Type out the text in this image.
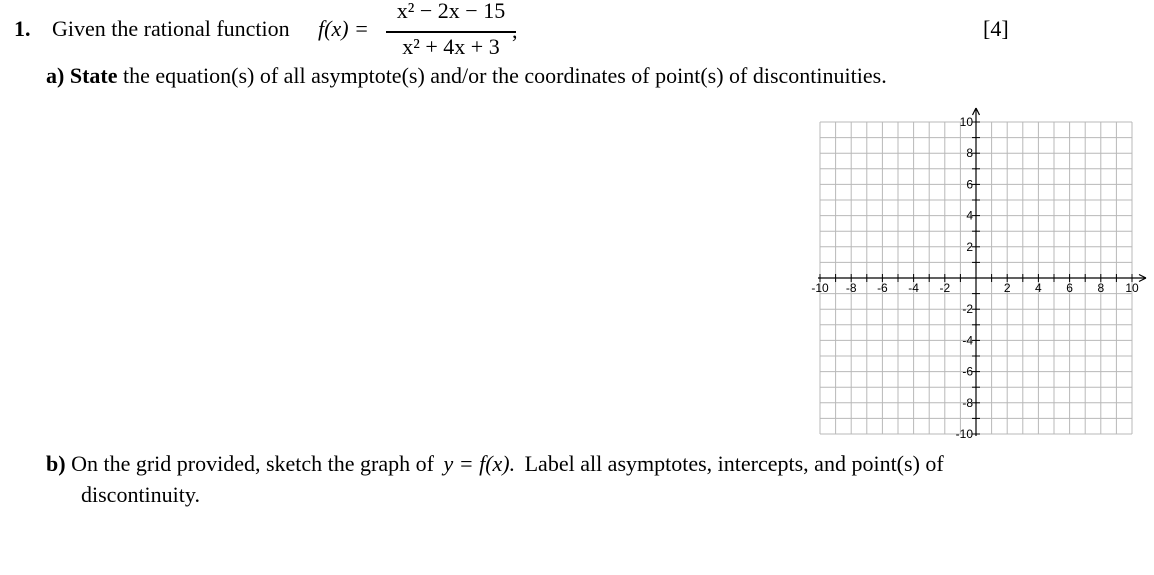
1. Given the rational function f(x) =
x² − 2x − 15
x² + 4x + 3
,	[4]
a) State the equation(s) of all asymptote(s) and/or the coordinates of point(s) of discontinuities.
-10 -8 -6 -4 -2	2 4 6 8 10
10
8
6
4
2
-2
-4
-6
-8
-10
b) On the grid provided, sketch the graph of y = f(x). Label all asymptotes, intercepts, and point(s) of
discontinuity.
